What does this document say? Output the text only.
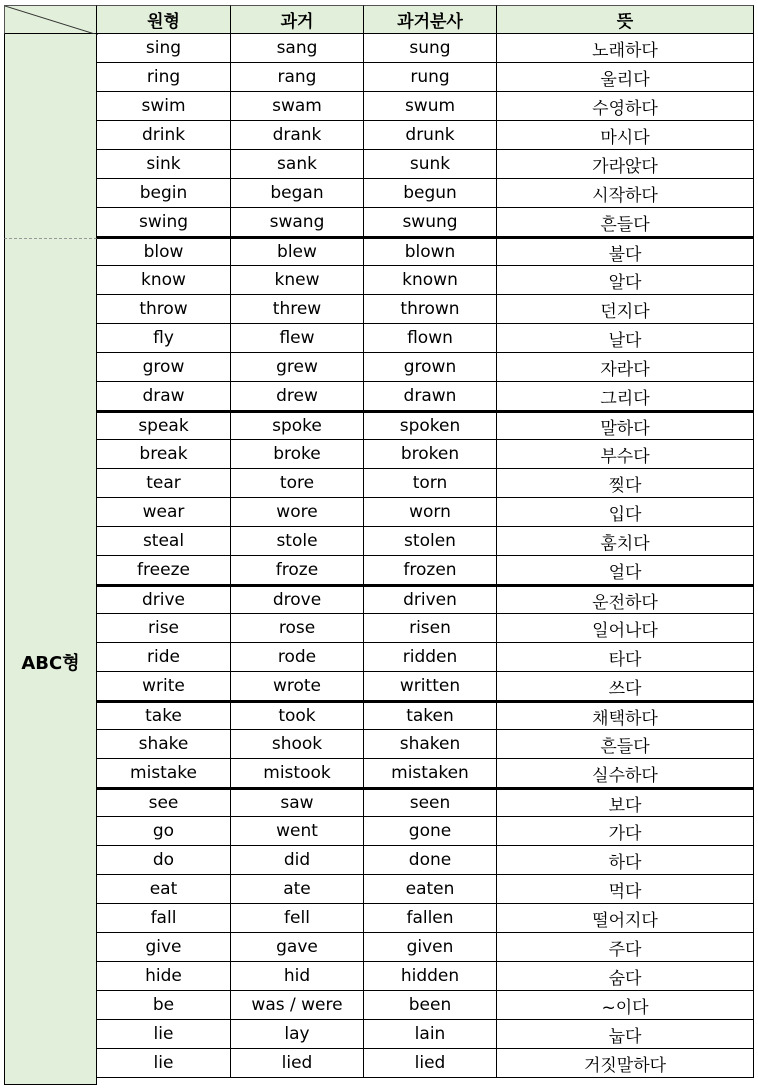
원형	과거	과거분사	뜻
ABC형
sing	sang	sung	노래하다
ring	rang	rung	울리다
swim	swam	swum	수영하다
drink	drank	drunk	마시다
sink	sank	sunk	가라앉다
begin	began	begun	시작하다
swing	swang	swung	흔들다
blow	blew	blown	불다
know	knew	known	알다
throw	threw	thrown	던지다
fly	flew	flown	날다
grow	grew	grown	자라다
draw	drew	drawn	그리다
speak	spoke	spoken	말하다
break	broke	broken	부수다
tear	tore	torn	찢다
wear	wore	worn	입다
steal	stole	stolen	훔치다
freeze	froze	frozen	얼다
drive	drove	driven	운전하다
rise	rose	risen	일어나다
ride	rode	ridden	타다
write	wrote	written	쓰다
take	took	taken	채택하다
shake	shook	shaken	흔들다
mistake	mistook	mistaken	실수하다
see	saw	seen	보다
go	went	gone	가다
do	did	done	하다
eat	ate	eaten	먹다
fall	fell	fallen	떨어지다
give	gave	given	주다
hide	hid	hidden	숨다
be	was / were	been	~이다
lie	lay	lain	눕다
lie	lied	lied	거짓말하다
